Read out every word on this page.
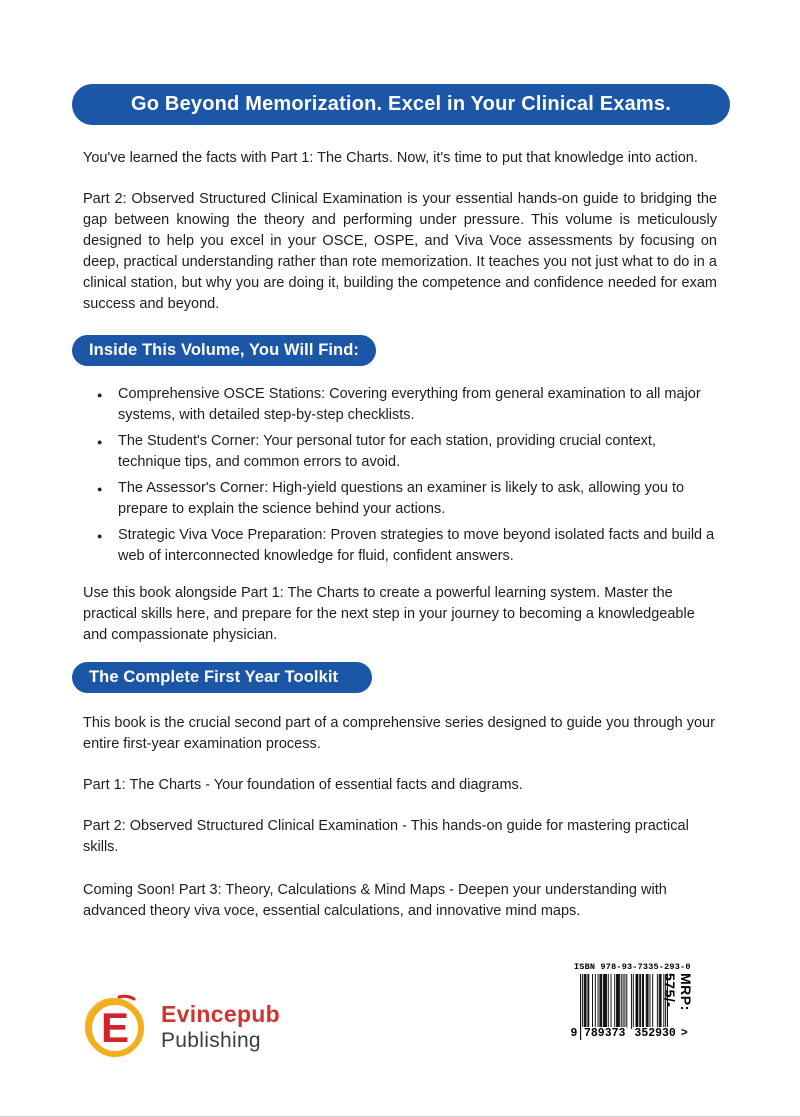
Go Beyond Memorization. Excel in Your Clinical Exams.

You've learned the facts with Part 1: The Charts. Now, it's time to put that knowledge into action.

Part 2: Observed Structured Clinical Examination is your essential hands-on guide to bridging the gap between knowing the theory and performing under pressure. This volume is meticulously designed to help you excel in your OSCE, OSPE, and Viva Voce assessments by focusing on deep, practical understanding rather than rote memorization. It teaches you not just what to do in a clinical station, but why you are doing it, building the competence and confidence needed for exam success and beyond.

Inside This Volume, You Will Find:
● Comprehensive OSCE Stations: Covering everything from general examination to all major systems, with detailed step-by-step checklists.
● The Student's Corner: Your personal tutor for each station, providing crucial context, technique tips, and common errors to avoid.
● The Assessor's Corner: High-yield questions an examiner is likely to ask, allowing you to prepare to explain the science behind your actions.
● Strategic Viva Voce Preparation: Proven strategies to move beyond isolated facts and build a web of interconnected knowledge for fluid, confident answers.

Use this book alongside Part 1: The Charts to create a powerful learning system. Master the practical skills here, and prepare for the next step in your journey to becoming a knowledgeable and compassionate physician.

The Complete First Year Toolkit

This book is the crucial second part of a comprehensive series designed to guide you through your entire first-year examination process.

Part 1: The Charts - Your foundation of essential facts and diagrams.

Part 2: Observed Structured Clinical Examination - This hands-on guide for mastering practical skills.

Coming Soon! Part 3: Theory, Calculations & Mind Maps - Deepen your understanding with advanced theory viva voce, essential calculations, and innovative mind maps.

E	Evincepub
Publishing
ISBN 978-93-7335-293-0
9 789373 352930 >
MRP: 575/-
